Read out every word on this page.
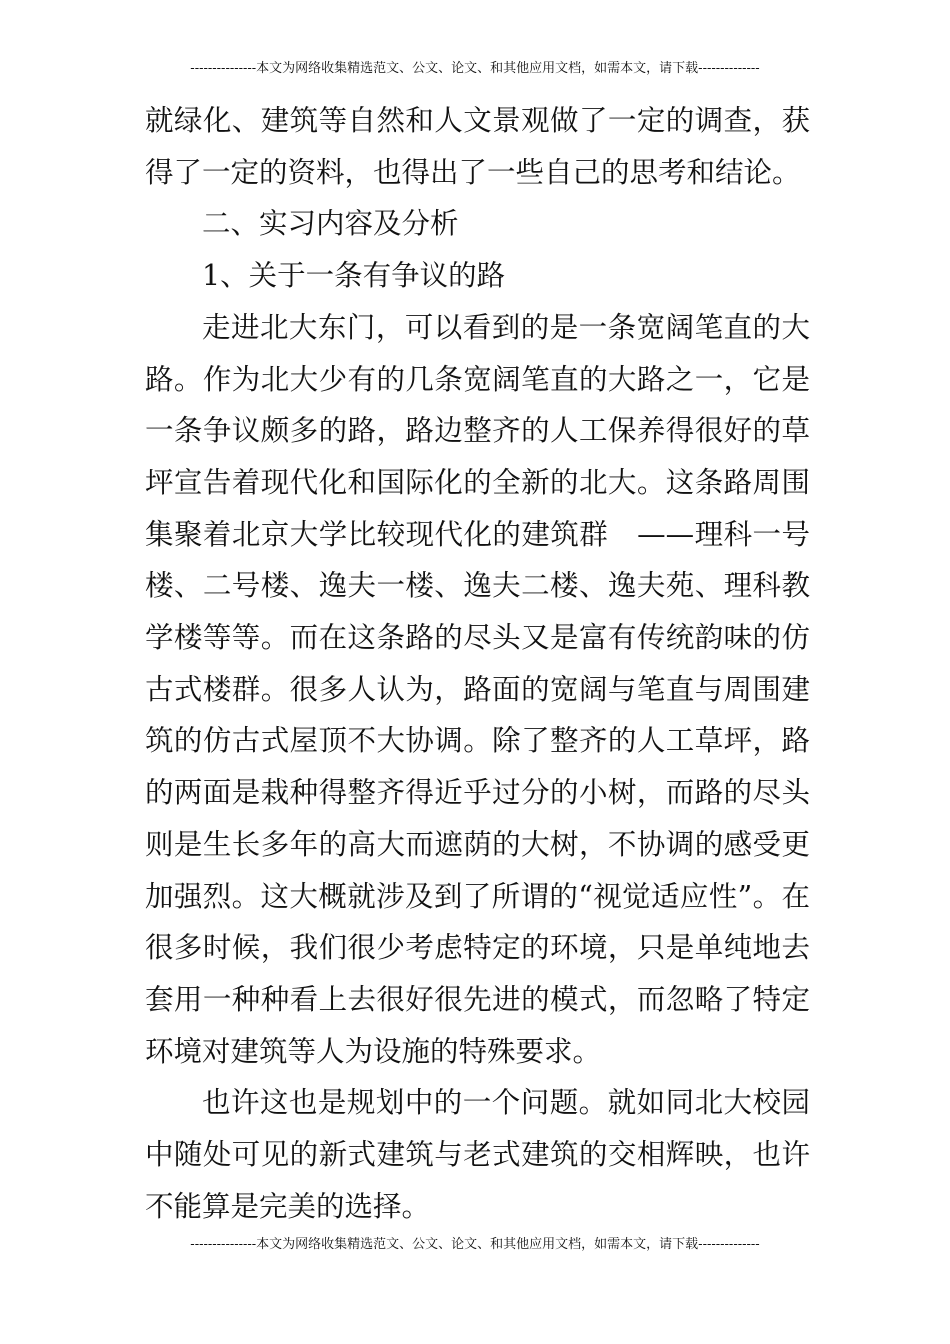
---------------本文为网络收集精选范文、公文、论文、和其他应用文档，如需本文，请下载--------------

就绿化、建筑等自然和人文景观做了一定的调查，获得了一定的资料，也得出了一些自己的思考和结论。

二、实习内容及分析

1、关于一条有争议的路

走进北大东门，可以看到的是一条宽阔笔直的大路。作为北大少有的几条宽阔笔直的大路之一，它是一条争议颇多的路，路边整齐的人工保养得很好的草坪宣告着现代化和国际化的全新的北大。这条路周围集聚着北京大学比较现代化的建筑群　——理科一号楼、二号楼、逸夫一楼、逸夫二楼、逸夫苑、理科教学楼等等。而在这条路的尽头又是富有传统韵味的仿古式楼群。很多人认为，路面的宽阔与笔直与周围建筑的仿古式屋顶不大协调。除了整齐的人工草坪，路的两面是栽种得整齐得近乎过分的小树，而路的尽头则是生长多年的高大而遮荫的大树，不协调的感受更加强烈。这大概就涉及到了所谓的“视觉适应性”。在很多时候，我们很少考虑特定的环境，只是单纯地去套用一种种看上去很好很先进的模式，而忽略了特定环境对建筑等人为设施的特殊要求。

也许这也是规划中的一个问题。就如同北大校园中随处可见的新式建筑与老式建筑的交相辉映，也许不能算是完美的选择。

---------------本文为网络收集精选范文、公文、论文、和其他应用文档，如需本文，请下载--------------
